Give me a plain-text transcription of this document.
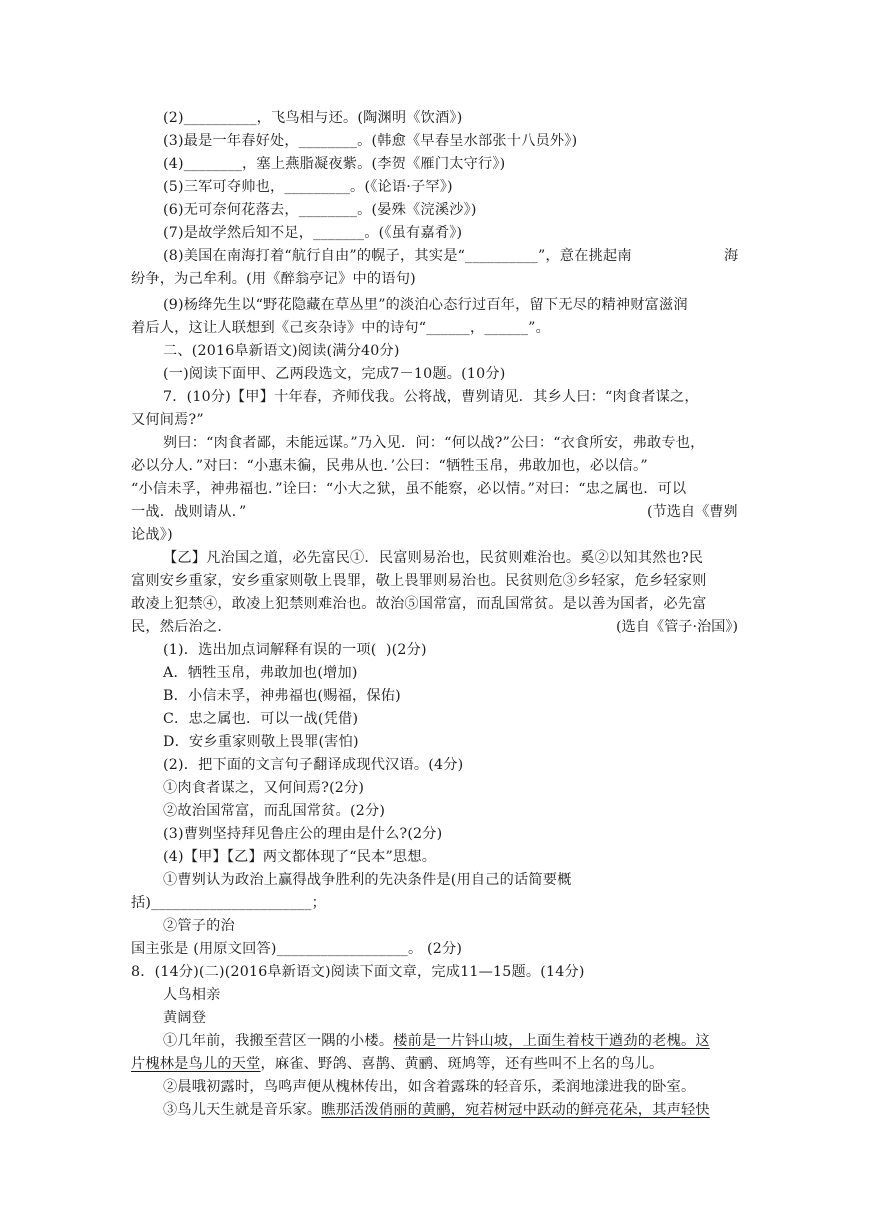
(2)__________，飞鸟相与还。(陶渊明《饮酒》)
(3)最是一年春好处，________。(韩愈《早春呈水部张十八员外》)
(4)________，塞上燕脂凝夜紫。(李贺《雁门太守行》)
(5)三军可夺帅也，_________。(《论语·子罕》)
(6)无可奈何花落去，________。(晏殊《浣溪沙》)
(7)是故学然后知不足，_______。(《虽有嘉肴》)
(8)美国在南海打着“航行自由”的幌子，其实是“__________”，意在挑起南	海
纷争，为己牟利。(用《醉翁亭记》中的语句)
(9)杨绛先生以“野花隐藏在草丛里”的淡泊心态行过百年，留下无尽的精神财富滋润
着后人，这让人联想到《己亥杂诗》中的诗句“______，______”。
二、(2016阜新语文)阅读(满分40分)
(一)阅读下面甲、乙两段选文，完成7－10题。(10分)
7．(10分)【甲】十年春，齐师伐我。公将战，曹刿请见．其乡人曰：“肉食者谋之，
又何间焉?”
刿曰：“肉食者鄙，未能远谋。”乃入见．问：“何以战?”公曰：“衣食所安，弗敢专也，
必以分人．”对曰：“小惠未徧，民弗从也．’公曰：“牺牲玉帛，弗敢加也，必以信。”
“小信未孚，神弗福也．”诠曰：“小大之狱，虽不能察，必以情。”对曰：“忠之属也．可以
一战．战则请从．”	(节选自《曹刿
论战》)
【乙】凡治国之道，必先富民①．民富则易治也，民贫则难治也。奚②以知其然也?民
富则安乡重家，安乡重家则敬上畏罪，敬上畏罪则易治也。民贫则危③乡轻家，危乡轻家则
敢凌上犯禁④，敢凌上犯禁则难治也。故治⑤国常富，而乱国常贫。是以善为国者，必先富
民，然后治之．	(选自《管子·治国》)
(1)．选出加点词解释有误的一项(  )(2分)
A．牺牲玉帛，弗敢加也(增加)
B．小信未孚，神弗福也(赐福，保佑)
C．忠之属也．可以一战(凭借)
D．安乡重家则敬上畏罪(害怕)
(2)．把下面的文言句子翻译成现代汉语。(4分)
①肉食者谋之，又何间焉?(2分)
②故治国常富，而乱国常贫。(2分)
(3)曹刿坚持拜见鲁庄公的理由是什么?(2分)
(4)【甲】【乙】两文都体现了“民本”思想。
①曹刿认为政治上赢得战争胜利的先决条件是(用自己的话简要概
括)______________________；
②管子的治
国主张是 (用原文回答)__________________。 (2分)
8．(14分)(二)(2016阜新语文)阅读下面文章，完成11—15题。(14分)
人鸟相亲
黄阔登
①几年前，我搬至营区一隅的小楼。楼前是一片钭山坡，上面生着枝干遒劲的老槐。这
片槐林是鸟儿的天堂，麻雀、野鸽、喜鹊、黄鹂、斑鸠等，还有些叫不上名的鸟儿。
②晨哦初露时，鸟鸣声便从槐林传出，如含着露珠的轻音乐，柔润地漾进我的卧室。
③鸟儿天生就是音乐家。瞧那活泼俏丽的黄鹂，宛若树冠中跃动的鲜亮花朵，其声轻快
